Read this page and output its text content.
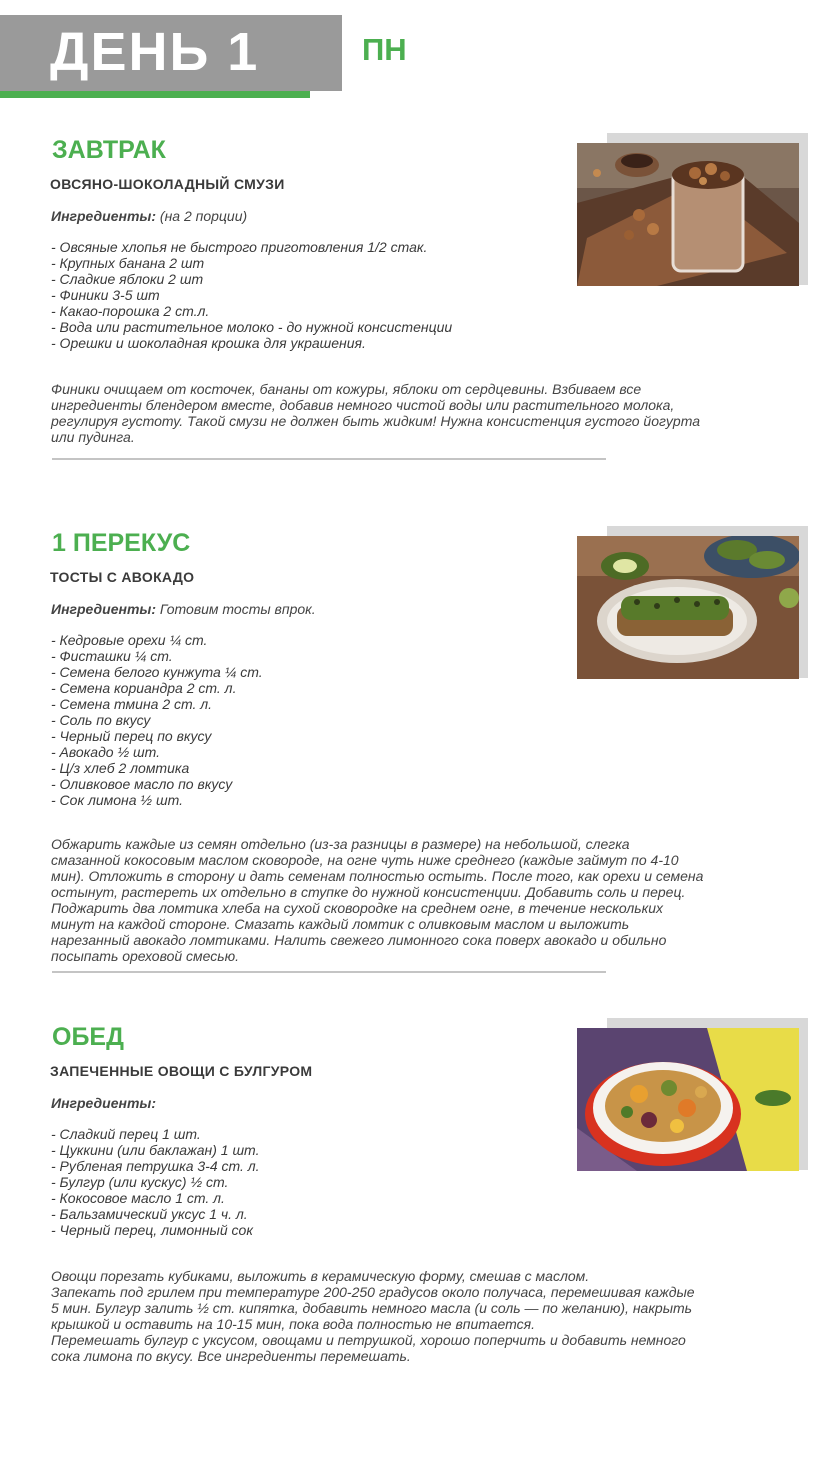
ДЕНЬ 1	ПН
ЗАВТРАК
ОВСЯНО-ШОКОЛАДНЫЙ СМУЗИ
Ингредиенты: (на 2 порции)
- Овсяные хлопья не быстрого приготовления 1/2 стак.
- Крупных банана 2 шт
- Сладкие яблоки 2 шт
- Финики 3-5 шт
- Какао-порошка 2 ст.л.
- Вода или растительное молоко - до нужной консистенции
- Орешки и шоколадная крошка для украшения.

Финики очищаем от косточек, бананы от кожуры, яблоки от сердцевины. Взбиваем все

ингредиенты блендером вместе, добавив немного чистой воды или растительного молока,

регулируя густоту. Такой смузи не должен быть жидким! Нужна консистенция густого йогурта

или пудинга.

1 ПЕРЕКУС
ТОСТЫ С АВОКАДО
Ингредиенты: Готовим тосты впрок.
- Кедровые орехи ¼ ст.
- Фисташки ¼ ст.
- Семена белого кунжута ¼ ст.
- Семена кориандра 2 ст. л.
- Семена тмина 2 ст. л.
- Соль по вкусу
- Черный перец по вкусу
- Авокадо ½ шт.
- Ц/з хлеб 2 ломтика
- Оливковое масло по вкусу
- Сок лимона ½ шт.

Обжарить каждые из семян отдельно (из-за разницы в размере) на небольшой, слегка

смазанной кокосовым маслом сковороде, на огне чуть ниже среднего (каждые займут по 4-10

мин). Отложить в сторону и дать семенам полностью остыть. После того, как орехи и семена

остынут, растереть их отдельно в ступке до нужной консистенции. Добавить соль и перец.

Поджарить два ломтика хлеба на сухой сковородке на среднем огне, в течение нескольких

минут на каждой стороне. Смазать каждый ломтик с оливковым маслом и выложить

нарезанный авокадо ломтиками. Налить свежего лимонного сока поверх авокадо и обильно

посыпать ореховой смесью.

ОБЕД
ЗАПЕЧЕННЫЕ ОВОЩИ С БУЛГУРОМ
Ингредиенты:
- Сладкий перец 1 шт.
- Цуккини (или баклажан) 1 шт.
- Рубленая петрушка 3-4 ст. л.
- Булгур (или кускус) ½ ст.
- Кокосовое масло 1 ст. л.
- Бальзамический уксус 1 ч. л.
- Черный перец, лимонный сок

Овощи порезать кубиками, выложить в керамическую форму, смешав с маслом.

Запекать под грилем при температуре 200-250 градусов около получаса, перемешивая каждые

5 мин. Булгур залить ½ ст. кипятка, добавить немного масла (и соль — по желанию), накрыть

крышкой и оставить на 10-15 мин, пока вода полностью не впитается.

Перемешать булгур с уксусом, овощами и петрушкой, хорошо поперчить и добавить немного

сока лимона по вкусу. Все ингредиенты перемешать.
